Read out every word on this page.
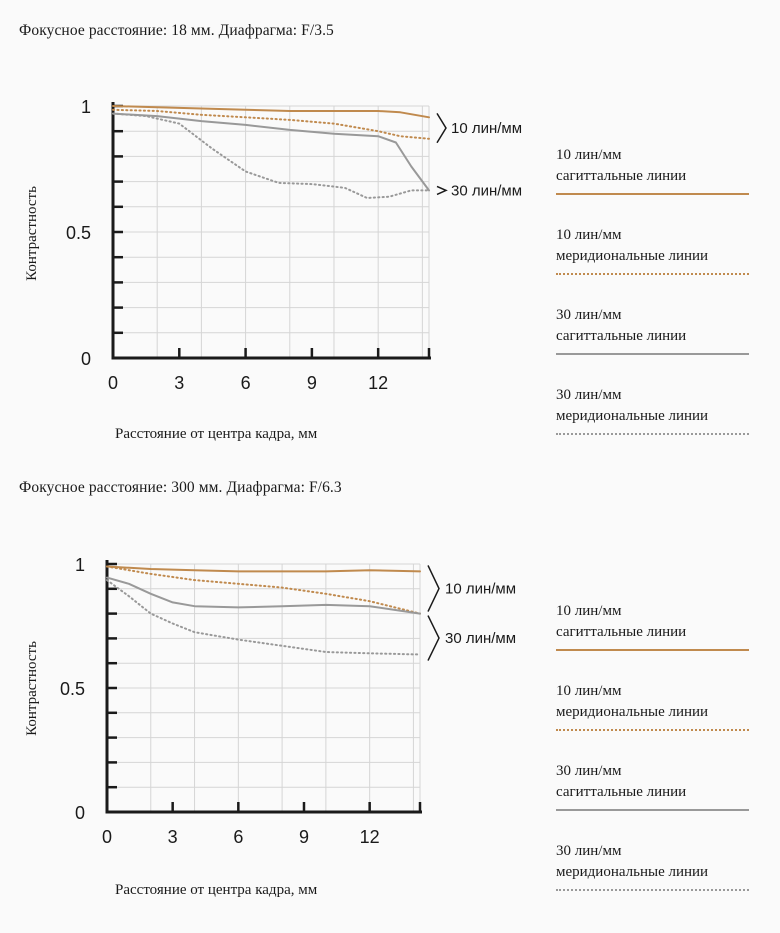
Фокусное расстояние: 18 мм. Диафрагма: F/3.5
Контрастность
Расстояние от центра кадра, мм
0	3	6	9	12
0
0.5
1
10 лин/мм
30 лин/мм
Фокусное расстояние: 300 мм. Диафрагма: F/6.3
Контрастность
Расстояние от центра кадра, мм
0	3	6	9	12
0
0.5
1
10 лин/мм
30 лин/мм
10 лин/мм
сагиттальные линии
10 лин/мм
меридиональные линии
30 лин/мм
сагиттальные линии
30 лин/мм
меридиональные линии
10 лин/мм
сагиттальные линии
10 лин/мм
меридиональные линии
30 лин/мм
сагиттальные линии
30 лин/мм
меридиональные линии
